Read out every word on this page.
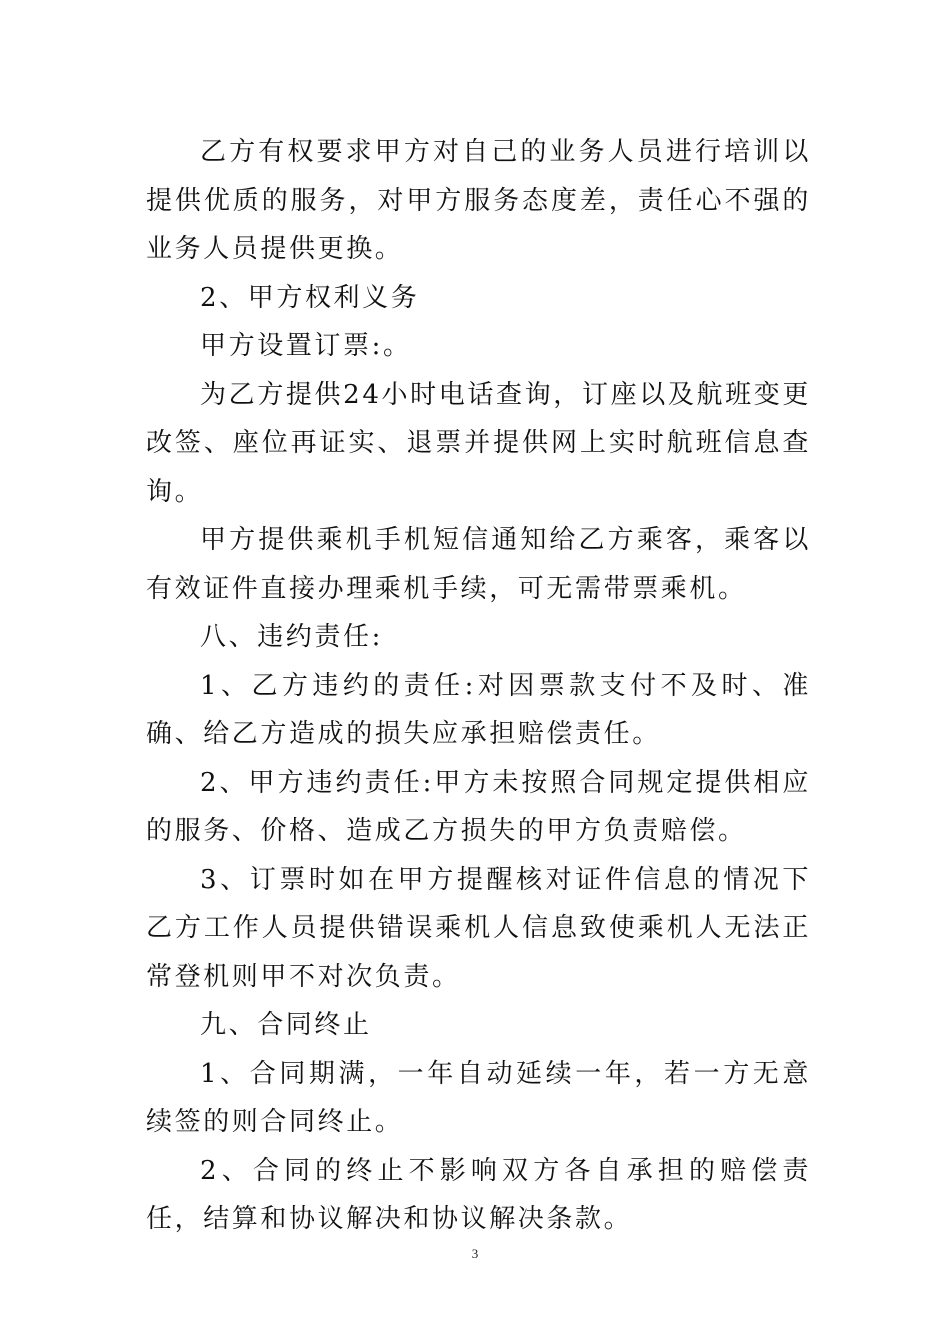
乙方有权要求甲方对自己的业务人员进行培训以提供优质的服务，对甲方服务态度差，责任心不强的业务人员提供更换。

2、甲方权利义务

甲方设置订票:。

为乙方提供24小时电话查询，订座以及航班变更改签、座位再证实、退票并提供网上实时航班信息查询。

甲方提供乘机手机短信通知给乙方乘客，乘客以有效证件直接办理乘机手续，可无需带票乘机。

八、违约责任:

1、乙方违约的责任:对因票款支付不及时、准确、给乙方造成的损失应承担赔偿责任。

2、甲方违约责任:甲方未按照合同规定提供相应的服务、价格、造成乙方损失的甲方负责赔偿。

3、订票时如在甲方提醒核对证件信息的情况下乙方工作人员提供错误乘机人信息致使乘机人无法正常登机则甲不对次负责。

九、合同终止

1、合同期满，一年自动延续一年，若一方无意续签的则合同终止。

2、合同的终止不影响双方各自承担的赔偿责任，结算和协议解决和协议解决条款。

3
